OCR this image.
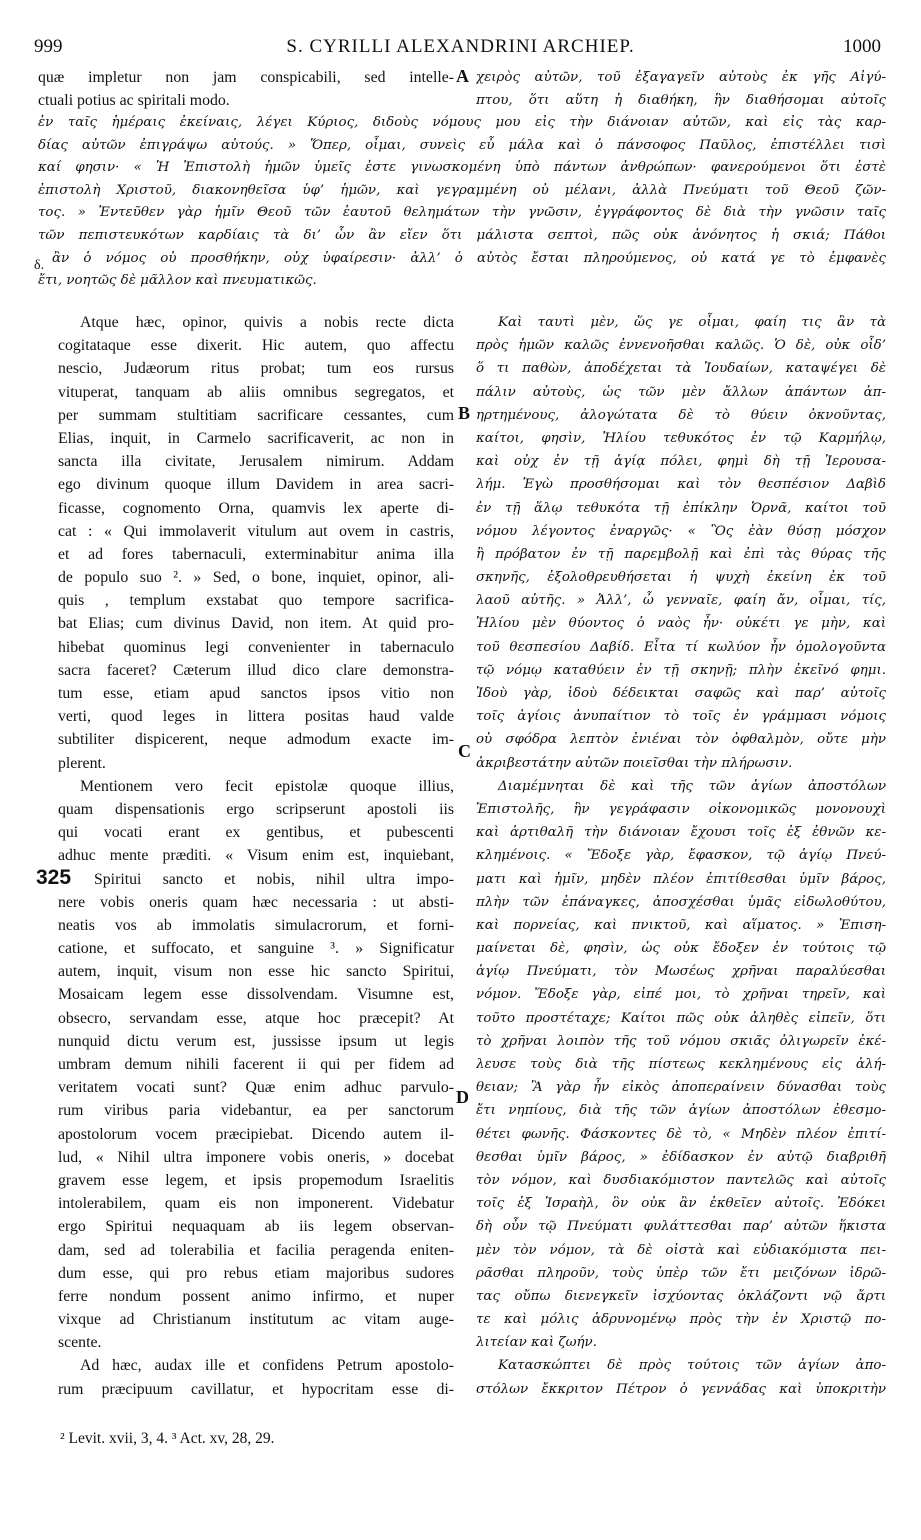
999	S. CYRILLI ALEXANDRINI ARCHIEP.	1000
quæ impletur non jam conspicabili, sed intelle-
ctuali potius ac spiritali modo.
χειρὸς αὐτῶν, τοῦ ἐξαγαγεῖν αὐτοὺς ἐκ γῆς Αἰγύ-
πτου, ὅτι αὕτη ἡ διαθήκη, ἣν διαθήσομαι αὐτοῖς
A
ἐν ταῖς ἡμέραις ἐκείναις, λέγει Κύριος, διδοὺς νόμους μου εἰς τὴν διάνοιαν αὐτῶν, καὶ εἰς τὰς καρ-
δίας αὐτῶν ἐπιγράψω αὐτούς. » Ὅπερ, οἶμαι, συνεὶς εὖ μάλα καὶ ὁ πάνσοφος Παῦλος, ἐπιστέλλει τισὶ
καί φησιν· « Ἡ Ἐπιστολὴ ἡμῶν ὑμεῖς ἐστε γινωσκομένη ὑπὸ πάντων ἀνθρώπων· φανερούμενοι ὅτι ἐστὲ
ἐπιστολὴ Χριστοῦ, διακονηθεῖσα ὑφ’ ἡμῶν, καὶ γεγραμμένη οὐ μέλανι, ἀλλὰ Πνεύματι τοῦ Θεοῦ ζῶν-
τος. » Ἐντεῦθεν γὰρ ἡμῖν Θεοῦ τῶν ἑαυτοῦ θελημάτων τὴν γνῶσιν, ἐγγράφοντος δὲ διὰ τὴν γνῶσιν ταῖς
τῶν πεπιστευκότων καρδίαις τὰ δι’ ὧν ἂν εἴεν ὅτι μάλιστα σεπτοὶ, πῶς οὐκ ἀνόνητος ἡ σκιά; Πάθοι
ἂν ὁ νόμος οὐ προσθήκην, οὐχ ὑφαίρεσιν· ἀλλ’ ὁ αὐτὸς ἔσται πληρούμενος, οὐ κατά γε τὸ ἐμφανὲς
ἔτι, νοητῶς δὲ μᾶλλον καὶ πνευματικῶς.
δ.
Atque hæc, opinor, quivis a nobis recte dicta
cogitataque esse dixerit. Hic autem, quo affectu
nescio, Judæorum ritus probat; tum eos rursus
vituperat, tanquam ab aliis omnibus segregatos, et
per summam stultitiam sacrificare cessantes, cum
Elias, inquit, in Carmelo sacrificaverit, ac non in
sancta illa civitate, Jerusalem nimirum. Addam
ego divinum quoque illum Davidem in area sacri-
ficasse, cognomento Orna, quamvis lex aperte di-
cat : « Qui immolaverit vitulum aut ovem in castris,
et ad fores tabernaculi, exterminabitur anima illa
de populo suo ². » Sed, o bone, inquiet, opinor, ali-
quis , templum exstabat quo tempore sacrifica-
bat Elias; cum divinus David, non item. At quid pro-
hibebat quominus legi convenienter in tabernaculo
sacra faceret? Cæterum illud dico clare demonstra-
tum esse, etiam apud sanctos ipsos vitio non
verti, quod leges in littera positas haud valde
subtiliter dispicerent, neque admodum exacte im-
plerent.
Mentionem vero fecit epistolæ quoque illius,
quam dispensationis ergo scripserunt apostoli iis
qui vocati erant ex gentibus, et pubescenti
adhuc mente præditi. « Visum enim est, inquiebant,
Spiritui sancto et nobis, nihil ultra impo-
nere vobis oneris quam hæc necessaria : ut absti-
neatis vos ab immolatis simulacrorum, et forni-
catione, et suffocato, et sanguine ³. » Significatur
autem, inquit, visum non esse hic sancto Spiritui,
Mosaicam legem esse dissolvendam. Visumne est,
obsecro, servandam esse, atque hoc præcepit? At
nunquid dictu verum est, jussisse ipsum ut legis
umbram demum nihili facerent ii qui per fidem ad
veritatem vocati sunt? Quæ enim adhuc parvulo-
rum viribus paria videbantur, ea per sanctorum
apostolorum vocem præcipiebat. Dicendo autem il-
lud, « Nihil ultra imponere vobis oneris, » docebat
gravem esse legem, et ipsis propemodum Israelitis
intolerabilem, quam eis non imponerent. Videbatur
ergo Spiritui nequaquam ab iis legem observan-
dam, sed ad tolerabilia et facilia peragenda eniten-
dum esse, qui pro rebus etiam majoribus sudores
ferre nondum possent animo infirmo, et nuper
vixque ad Christianum institutum ac vitam auge-
scente.
Ad hæc, audax ille et confidens Petrum apostolo-
rum præcipuum cavillatur, et hypocritam esse di-
Καὶ ταυτὶ μὲν, ὥς γε οἶμαι, φαίη τις ἂν τὰ
πρὸς ἡμῶν καλῶς ἐννενοῆσθαι καλῶς. Ὁ δὲ, οὐκ οἶδ’
ὅ τι παθὼν, ἀποδέχεται τὰ Ἰουδαίων, καταψέγει δὲ
πάλιν αὐτοὺς, ὡς τῶν μὲν ἄλλων ἁπάντων ἀπ-
ηρτημένους, ἀλογώτατα δὲ τὸ θύειν ὀκνοῦντας,
καίτοι, φησὶν, Ἠλίου τεθυκότος ἐν τῷ Καρμήλῳ,
καὶ οὐχ ἐν τῇ ἁγίᾳ πόλει, φημὶ δὴ τῇ Ἱερουσα-
λήμ. Ἐγὼ προσθήσομαι καὶ τὸν θεσπέσιον Δαβὶδ
ἐν τῇ ἅλῳ τεθυκότα τῇ ἐπίκλην Ὀρνᾶ, καίτοι τοῦ
νόμου λέγοντος ἐναργῶς· « Ὃς ἐὰν θύσῃ μόσχον
ἢ πρόβατον ἐν τῇ παρεμβολῇ καὶ ἐπὶ τὰς θύρας τῆς
σκηνῆς, ἐξολοθρευθήσεται ἡ ψυχὴ ἐκείνη ἐκ τοῦ
λαοῦ αὐτῆς. » Ἀλλ’, ὦ γενναῖε, φαίη ἄν, οἶμαι, τίς,
Ἠλίου μὲν θύοντος ὁ ναὸς ἦν· οὐκέτι γε μὴν, καὶ
τοῦ θεσπεσίου Δαβίδ. Εἶτα τί κωλύον ἦν ὁμολογοῦντα
τῷ νόμῳ καταθύειν ἐν τῇ σκηνῇ; πλὴν ἐκεῖνό φημι.
Ἰδοὺ γὰρ, ἰδοὺ δέδεικται σαφῶς καὶ παρ’ αὐτοῖς
τοῖς ἁγίοις ἀνυπαίτιον τὸ τοῖς ἐν γράμμασι νόμοις
οὐ σφόδρα λεπτὸν ἐνιέναι τὸν ὀφθαλμὸν, οὔτε μὴν
ἀκριβεστάτην αὐτῶν ποιεῖσθαι τὴν πλήρωσιν.
Διαμέμνηται δὲ καὶ τῆς τῶν ἁγίων ἀποστόλων
Ἐπιστολῆς, ἣν γεγράφασιν οἰκονομικῶς μονονουχὶ
καὶ ἀρτιθαλῆ τὴν διάνοιαν ἔχουσι τοῖς ἐξ ἐθνῶν κε-
κλημένοις. « Ἔδοξε γὰρ, ἔφασκον, τῷ ἁγίῳ Πνεύ-
ματι καὶ ἡμῖν, μηδὲν πλέον ἐπιτίθεσθαι ὑμῖν βάρος,
πλὴν τῶν ἐπάναγκες, ἀποσχέσθαι ὑμᾶς εἰδωλοθύτου,
καὶ πορνείας, καὶ πνικτοῦ, καὶ αἵματος. » Ἐπιση-
μαίνεται δὲ, φησὶν, ὡς οὐκ ἔδοξεν ἐν τούτοις τῷ
ἁγίῳ Πνεύματι, τὸν Μωσέως χρῆναι παραλύεσθαι
νόμον. Ἔδοξε γὰρ, εἰπέ μοι, τὸ χρῆναι τηρεῖν, καὶ
τοῦτο προστέταχε; Καίτοι πῶς οὐκ ἀληθὲς εἰπεῖν, ὅτι
τὸ χρῆναι λοιπὸν τῆς τοῦ νόμου σκιᾶς ὀλιγωρεῖν ἐκέ-
λευσε τοὺς διὰ τῆς πίστεως κεκλημένους εἰς ἀλή-
θειαν; Ἃ γὰρ ἦν εἰκὸς ἀποπεραίνειν δύνασθαι τοὺς
ἔτι νηπίους, διὰ τῆς τῶν ἁγίων ἀποστόλων ἐθεσμο-
θέτει φωνῆς. Φάσκοντες δὲ τὸ, « Μηδὲν πλέον ἐπιτί-
θεσθαι ὑμῖν βάρος, » ἐδίδασκον ἐν αὐτῷ διαβριθῆ
τὸν νόμον, καὶ δυσδιακόμιστον παντελῶς καὶ αὐτοῖς
τοῖς ἐξ Ἰσραὴλ, ὃν οὐκ ἂν ἐκθεῖεν αὐτοῖς. Ἐδόκει
δὴ οὖν τῷ Πνεύματι φυλάττεσθαι παρ’ αὐτῶν ἥκιστα
μὲν τὸν νόμον, τὰ δὲ οἰστὰ καὶ εὐδιακόμιστα πει-
ρᾶσθαι πληροῦν, τοὺς ὑπὲρ τῶν ἔτι μειζόνων ἱδρῶ-
τας οὔπω διενεγκεῖν ἰσχύοντας ὀκλάζοντι νῷ ἄρτι
τε καὶ μόλις ἁδρυνομένῳ πρὸς τὴν ἐν Χριστῷ πο-
λιτείαν καὶ ζωήν.
Κατασκώπτει δὲ πρὸς τούτοις τῶν ἁγίων ἀπο-
στόλων ἔκκριτον Πέτρον ὁ γεννάδας καὶ ὑποκριτὴν
B
C
D
325
² Levit. xvii, 3, 4. ³ Act. xv, 28, 29.
